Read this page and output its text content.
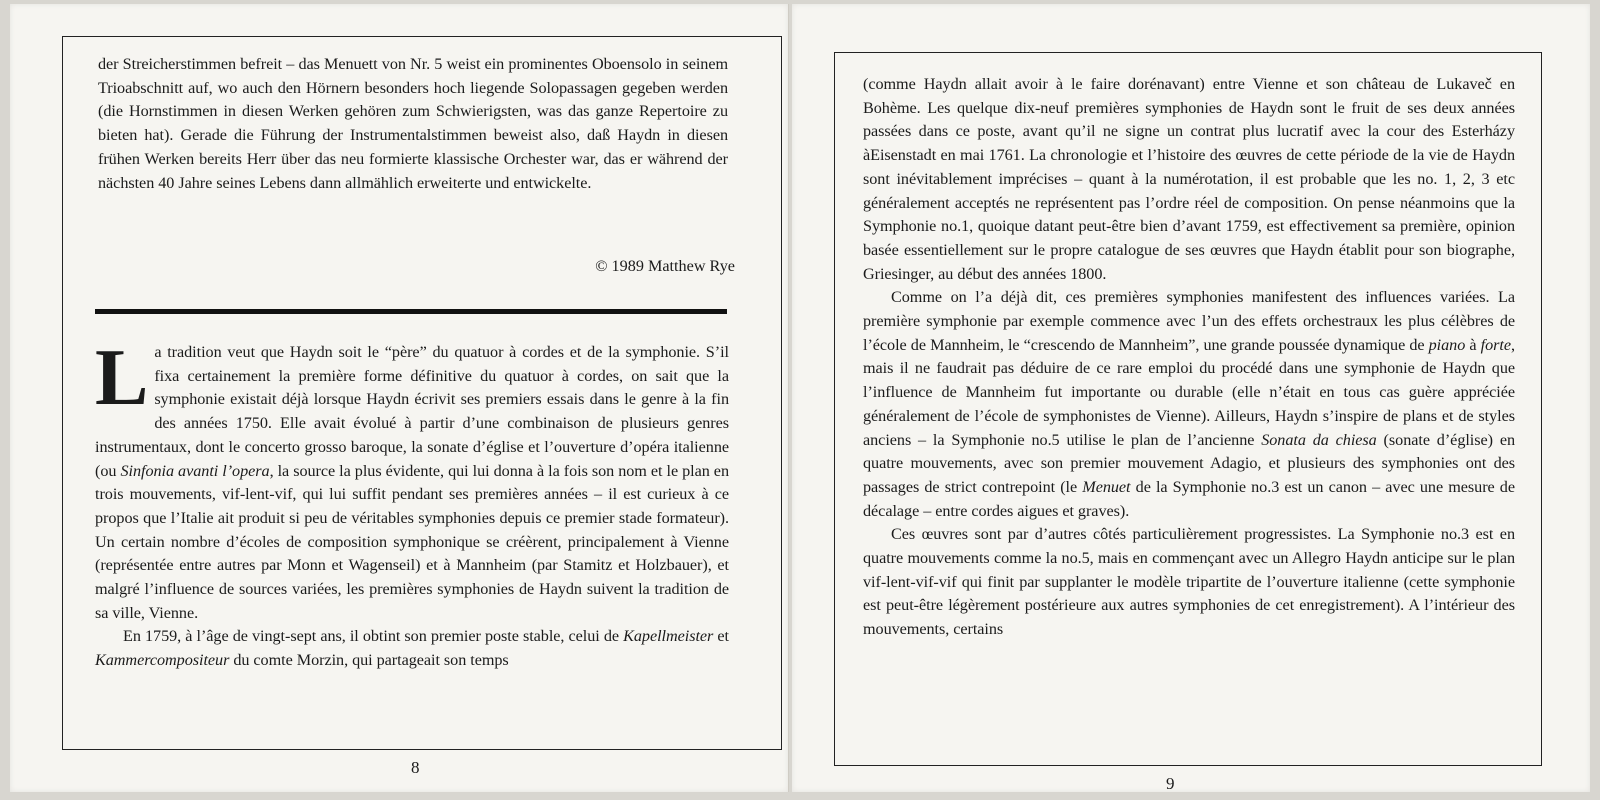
der Streicherstimmen befreit – das Menuett von Nr. 5 weist ein prominentes Oboensolo in seinem Trioabschnitt auf, wo auch den Hörnern besonders hoch liegende Solopassagen gegeben werden (die Hornstimmen in diesen Werken gehören zum Schwierigsten, was das ganze Repertoire zu bieten hat). Gerade die Führung der Instrumentalstimmen beweist also, daß Haydn in diesen frühen Werken bereits Herr über das neu formierte klassische Orchester war, das er während der nächsten 40 Jahre seines Lebens dann allmählich erweiterte und entwickelte.

© 1989 Matthew Rye

La tradition veut que Haydn soit le “père” du quatuor à cordes et de la symphonie. S’il fixa certainement la première forme définitive du quatuor à cordes, on sait que la symphonie existait déjà lorsque Haydn écrivit ses premiers essais dans le genre à la fin des années 1750. Elle avait évolué à partir d’une combinaison de plusieurs genres instrumentaux, dont le concerto grosso baroque, la sonate d’église et l’ouverture d’opéra italienne (ou Sinfonia avanti l’opera, la source la plus évidente, qui lui donna à la fois son nom et le plan en trois mouvements, vif-lent-vif, qui lui suffit pendant ses premières années – il est curieux à ce propos que l’Italie ait produit si peu de véritables symphonies depuis ce premier stade formateur). Un certain nombre d’écoles de composition symphonique se créèrent, principalement à Vienne (représentée entre autres par Monn et Wagenseil) et à Mannheim (par Stamitz et Holzbauer), et malgré l’influence de sources variées, les premières symphonies de Haydn suivent la tradition de sa ville, Vienne.

En 1759, à l’âge de vingt-sept ans, il obtint son premier poste stable, celui de Kapellmeister et Kammercompositeur du comte Morzin, qui partageait son temps

8

(comme Haydn allait avoir à le faire dorénavant) entre Vienne et son château de Lukaveč en Bohème. Les quelque dix-neuf premières symphonies de Haydn sont le fruit de ses deux années passées dans ce poste, avant qu’il ne signe un contrat plus lucratif avec la cour des Esterházy àEisenstadt en mai 1761. La chronologie et l’histoire des œuvres de cette période de la vie de Haydn sont inévitablement imprécises – quant à la numérotation, il est probable que les no. 1, 2, 3 etc généralement acceptés ne représentent pas l’ordre réel de composition. On pense néanmoins que la Symphonie no.1, quoique datant peut-être bien d’avant 1759, est effectivement sa première, opinion basée essentiellement sur le propre catalogue de ses œuvres que Haydn établit pour son biographe, Griesinger, au début des années 1800.

Comme on l’a déjà dit, ces premières symphonies manifestent des influences variées. La première symphonie par exemple commence avec l’un des effets orchestraux les plus célèbres de l’école de Mannheim, le “crescendo de Mannheim”, une grande poussée dynamique de piano à forte, mais il ne faudrait pas déduire de ce rare emploi du procédé dans une symphonie de Haydn que l’influence de Mannheim fut importante ou durable (elle n’était en tous cas guère appréciée généralement de l’école de symphonistes de Vienne). Ailleurs, Haydn s’inspire de plans et de styles anciens – la Symphonie no.5 utilise le plan de l’ancienne Sonata da chiesa (sonate d’église) en quatre mouvements, avec son premier mouvement Adagio, et plusieurs des symphonies ont des passages de strict contrepoint (le Menuet de la Symphonie no.3 est un canon – avec une mesure de décalage – entre cordes aigues et graves).

Ces œuvres sont par d’autres côtés particulièrement progressistes. La Symphonie no.3 est en quatre mouvements comme la no.5, mais en commençant avec un Allegro Haydn anticipe sur le plan vif-lent-vif-vif qui finit par supplanter le modèle tripartite de l’ouverture italienne (cette symphonie est peut-être légèrement postérieure aux autres symphonies de cet enregistrement). A l’intérieur des mouvements, certains

9
